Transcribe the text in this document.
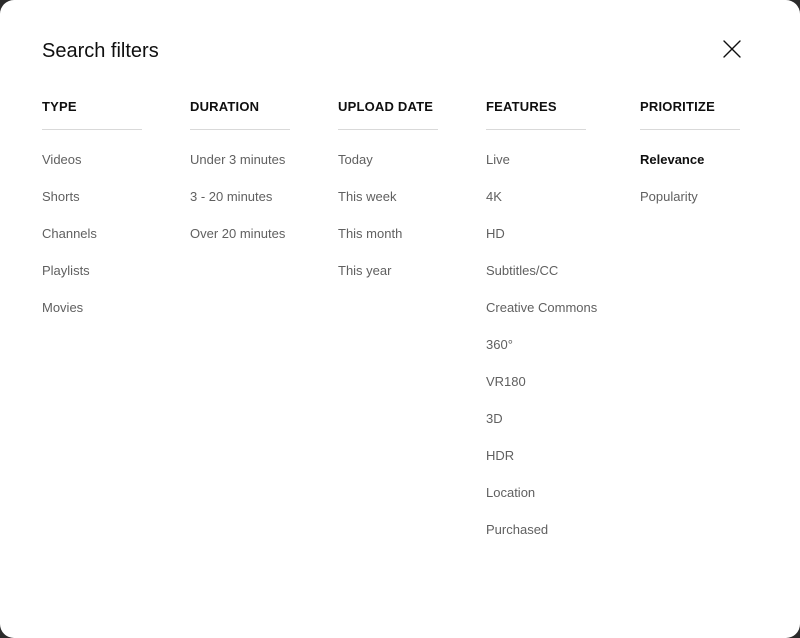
Search filters
TYPE
Videos
Shorts
Channels
Playlists
Movies
DURATION
Under 3 minutes
3 - 20 minutes
Over 20 minutes
UPLOAD DATE
Today
This week
This month
This year
FEATURES
Live
4K
HD
Subtitles/CC
Creative Commons
360°
VR180
3D
HDR
Location
Purchased
PRIORITIZE
Relevance
Popularity
